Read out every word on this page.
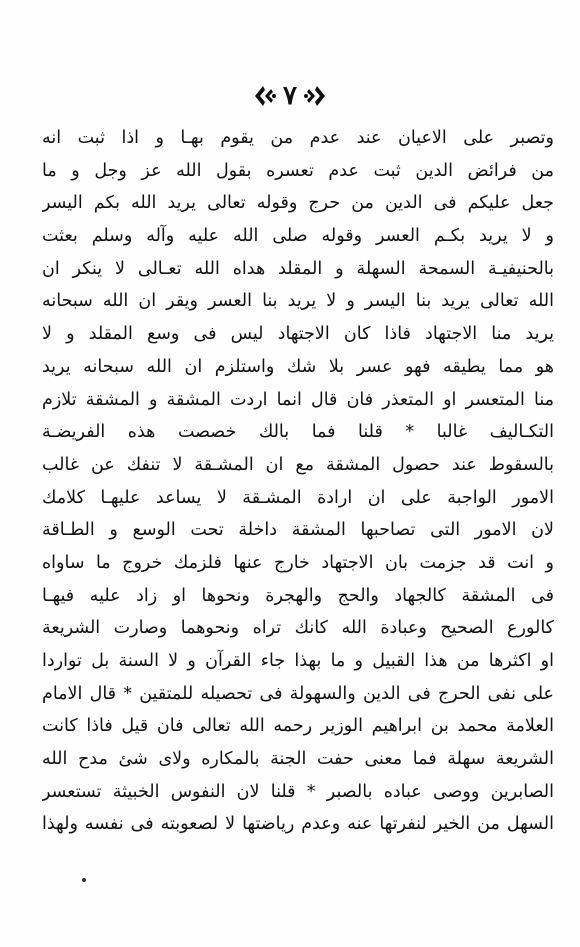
٧
وتصبر على الاعيان عند عدم من يقوم بهـا و اذا ثبت انه
من فرائض الدين ثبت عدم تعسره بقول الله عز وجل و ما
جعل عليكم فى الدين من حرج وقوله تعالى يريد الله بكم اليسر
و لا يريد بكـم العسر وقوله صلى الله عليه وآله وسلم بعثت
بالحنيفيـة السمحة السهلة و المقلد هداه الله تعـالى لا ينكر ان
الله تعالى يريد بنا اليسر و لا يريد بنا العسر ويقر ان الله سبحانه
يريد منا الاجتهاد فاذا كان الاجتهاد ليس فى وسع المقلد و لا
هو مما يطيقه فهو عسر بلا شك واستلزم ان الله سبحانه يريد
منا المتعسر او المتعذر فان قال انما اردت المشقة و المشقة تلازم
التكـاليف غالبا * قلنا فما بالك خصصت هذه الفريضـة
بالسقوط عند حصول المشقة مع ان المشـقة لا تنفك عن غالب
الامور الواجبة على ان ارادة المشـقة لا يساعد عليهـا كلامك
لان الامور التى تصاحبها المشقة داخلة تحت الوسع و الطـاقة
و انت قد جزمت بان الاجتهاد خارج عنها فلزمك خروج ما ساواه
فى المشقة كالجهاد والحج والهجرة ونحوها او زاد عليه فيهـا
كالورع الصحيح وعبادة الله كانك تراه ونحوهما وصارت الشريعة
او اكثرها من هذا القبيل و ما بهذا جاء القرآن و لا السنة بل تواردا
على نفى الحرج فى الدين والسهولة فى تحصيله للمتقين * قال الامام
العلامة محمد بن ابراهيم الوزير رحمه الله تعالى فان قيل فاذا كانت
الشريعة سهلة فما معنى حفت الجنة بالمكاره ولاى شئ مدح الله
الصابرين ووصى عباده بالصبر * قلنا لان النفوس الخبيثة تستعسر
السهل من الخير لنفرتها عنه وعدم رياضتها لا لصعوبته فى نفسه ولهذا
